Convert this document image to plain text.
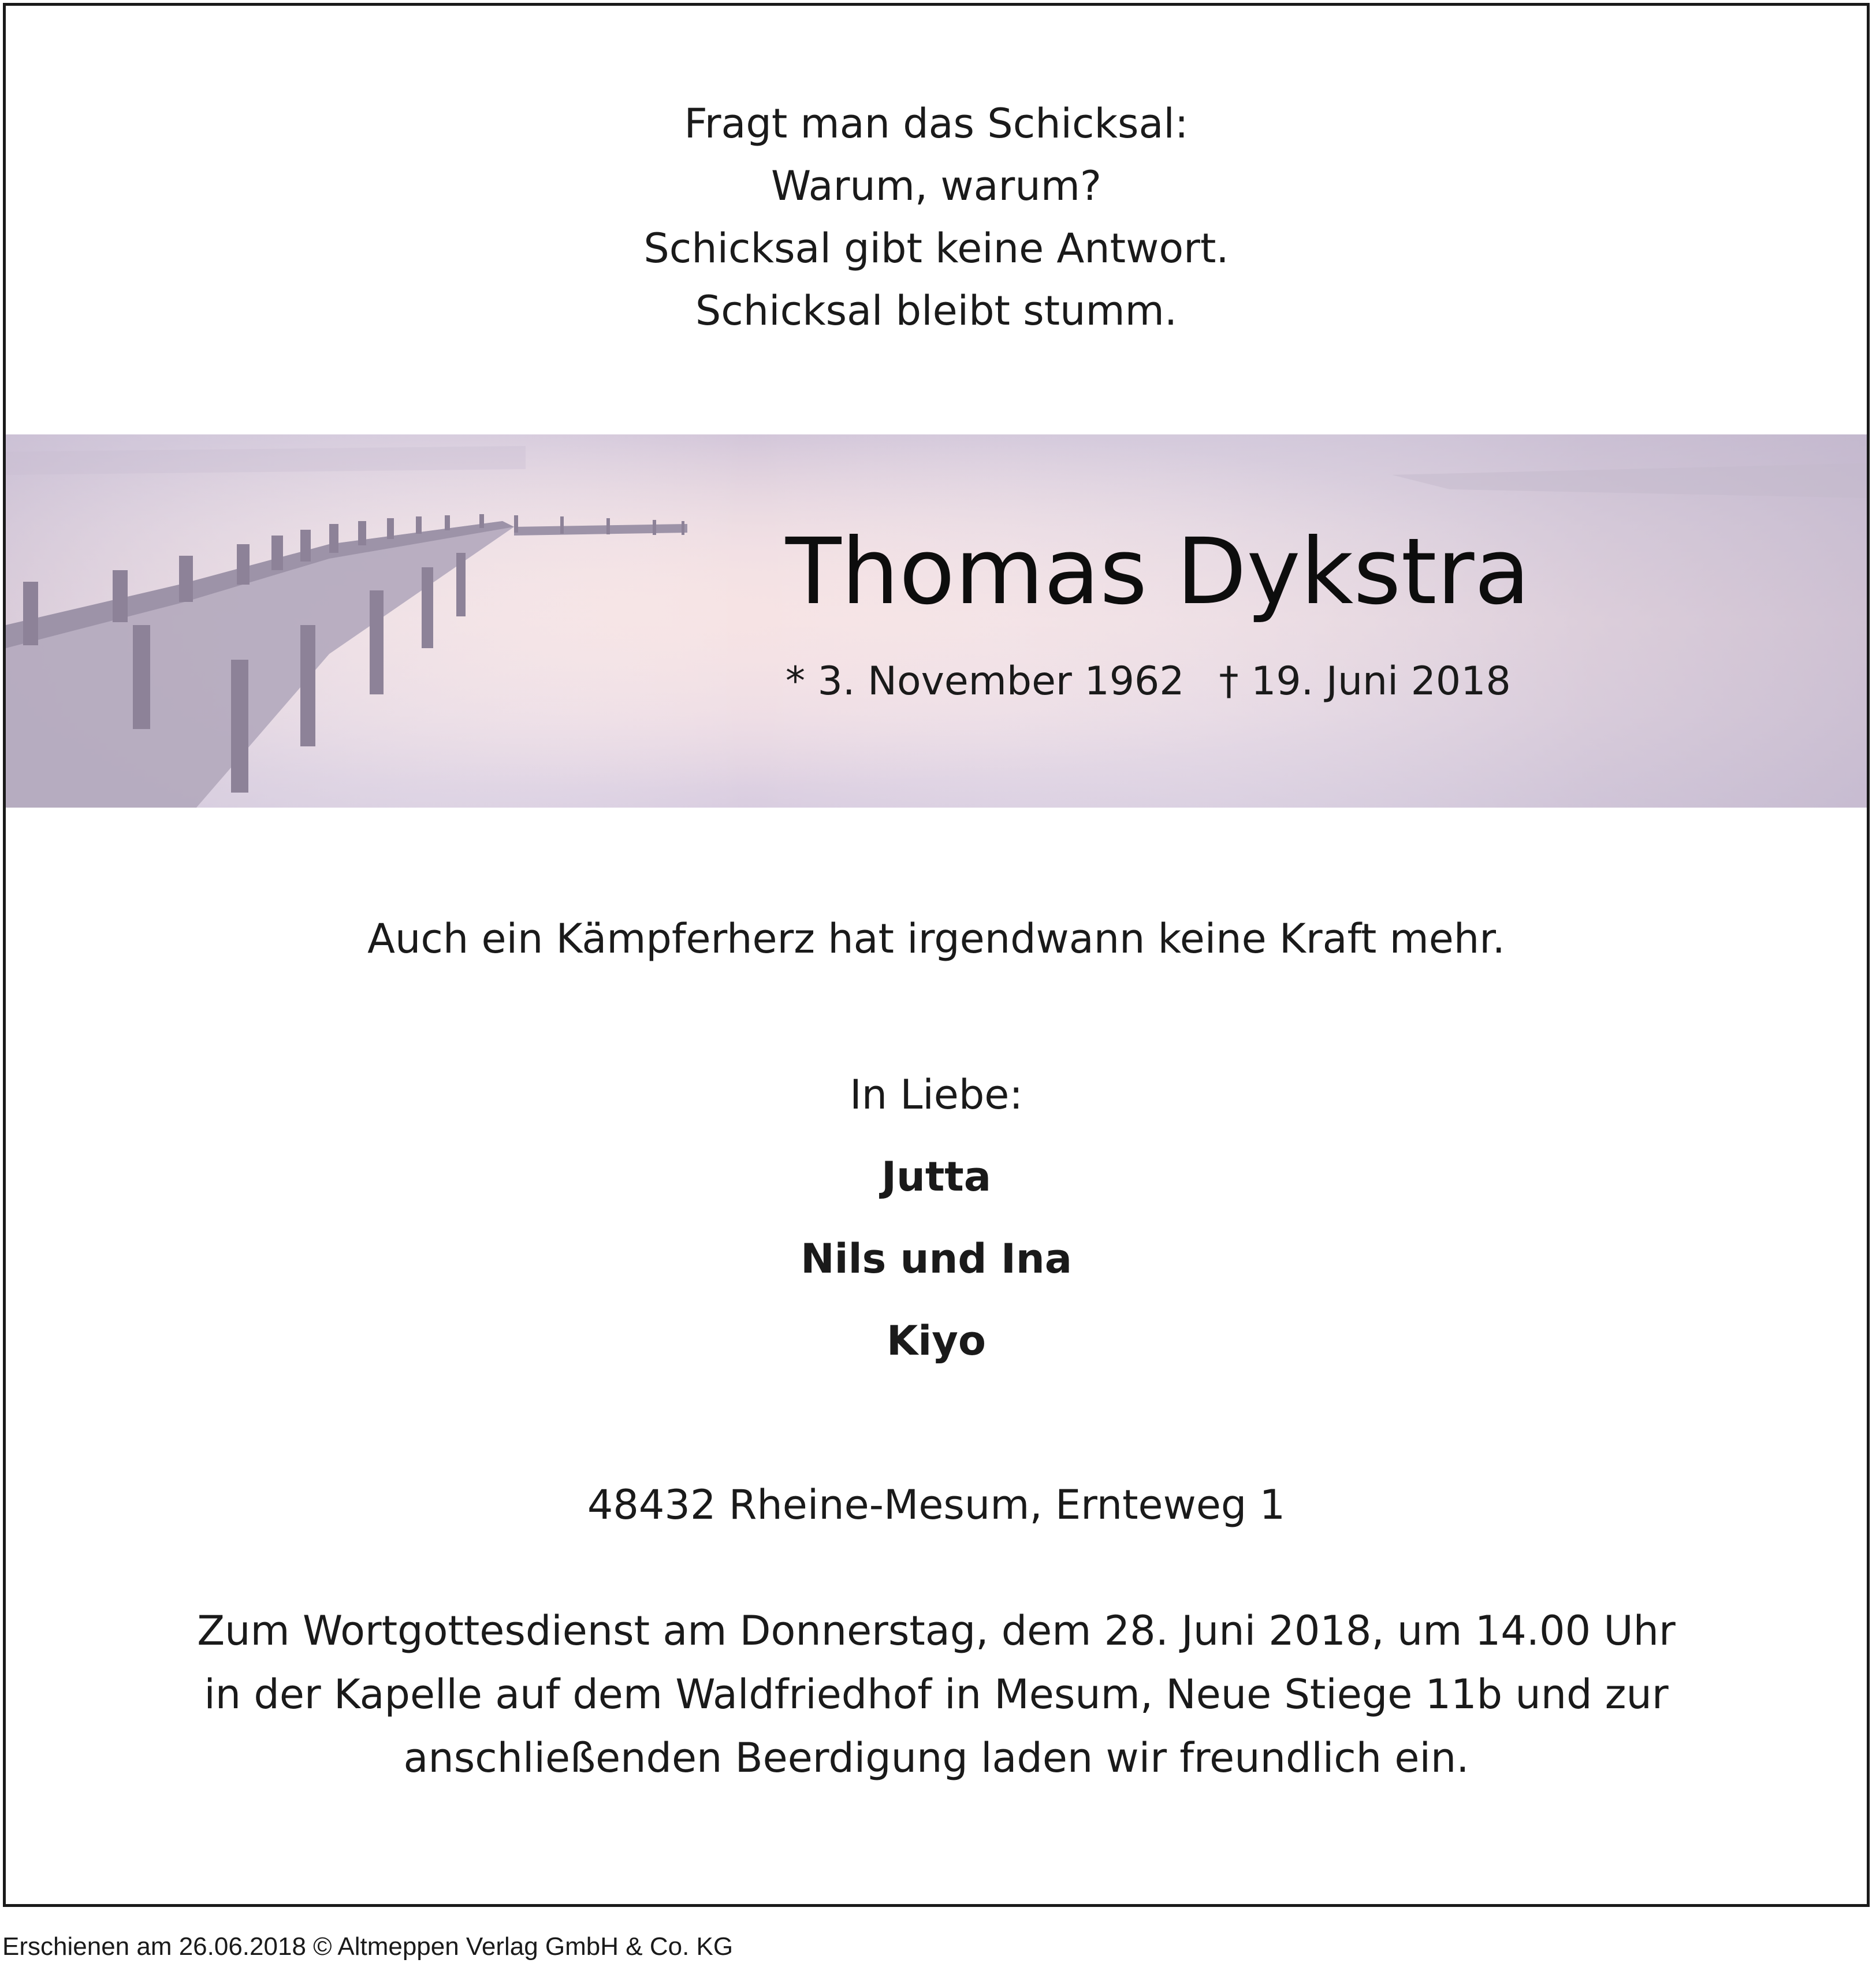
Fragt man das Schicksal:
Warum, warum?
Schicksal gibt keine Antwort.
Schicksal bleibt stumm.
Thomas Dykstra
* 3. November 1962 † 19. Juni 2018
Auch ein Kämpferherz hat irgendwann keine Kraft mehr.
In Liebe:
Jutta
Nils und Ina
Kiyo
48432 Rheine-Mesum, Ernteweg 1
Zum Wortgottesdienst am Donnerstag, dem 28. Juni 2018, um 14.00 Uhr
in der Kapelle auf dem Waldfriedhof in Mesum, Neue Stiege 11b und zur
anschließenden Beerdigung laden wir freundlich ein.
Erschienen am 26.06.2018 © Altmeppen Verlag GmbH & Co. KG
